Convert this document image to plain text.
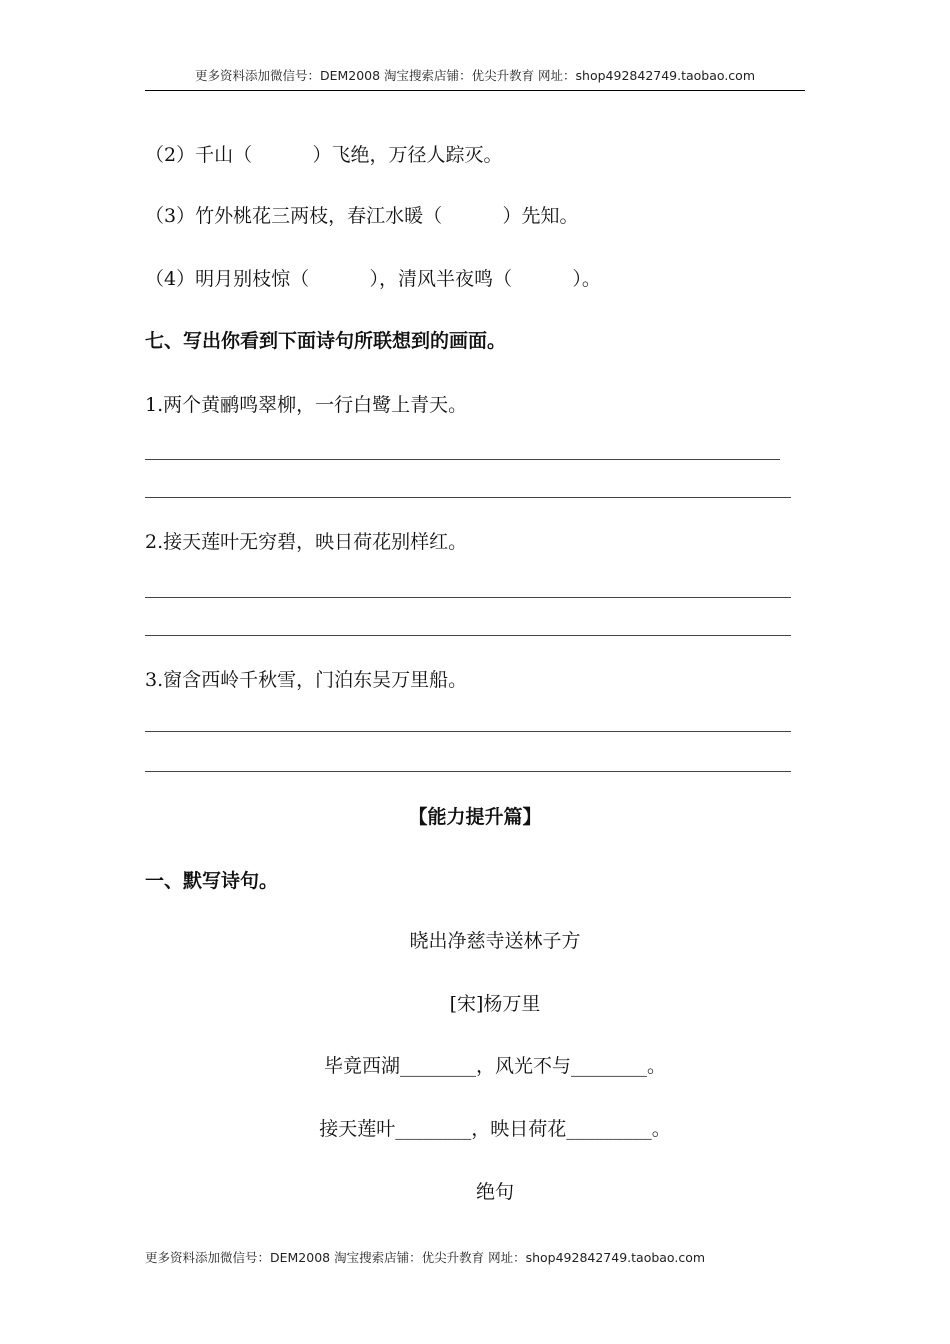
更多资料添加微信号：DEM2008 淘宝搜索店铺：优尖升教育 网址：shop492842749.taobao.com
（2）千山（          ）飞绝，万径人踪灭。
（3）竹外桃花三两枝，春江水暖（          ）先知。
（4）明月别枝惊（          ），清风半夜鸣（          ）。
七、写出你看到下面诗句所联想到的画面。
1.两个黄鹂鸣翠柳，一行白鹭上青天。
2.接天莲叶无穷碧，映日荷花别样红。
3.窗含西岭千秋雪，门泊东吴万里船。
【能力提升篇】
一、默写诗句。
晓出净慈寺送林子方
[宋]杨万里
毕竟西湖________，风光不与________。
接天莲叶________，映日荷花_________。
绝句
更多资料添加微信号：DEM2008 淘宝搜索店铺：优尖升教育 网址：shop492842749.taobao.com
